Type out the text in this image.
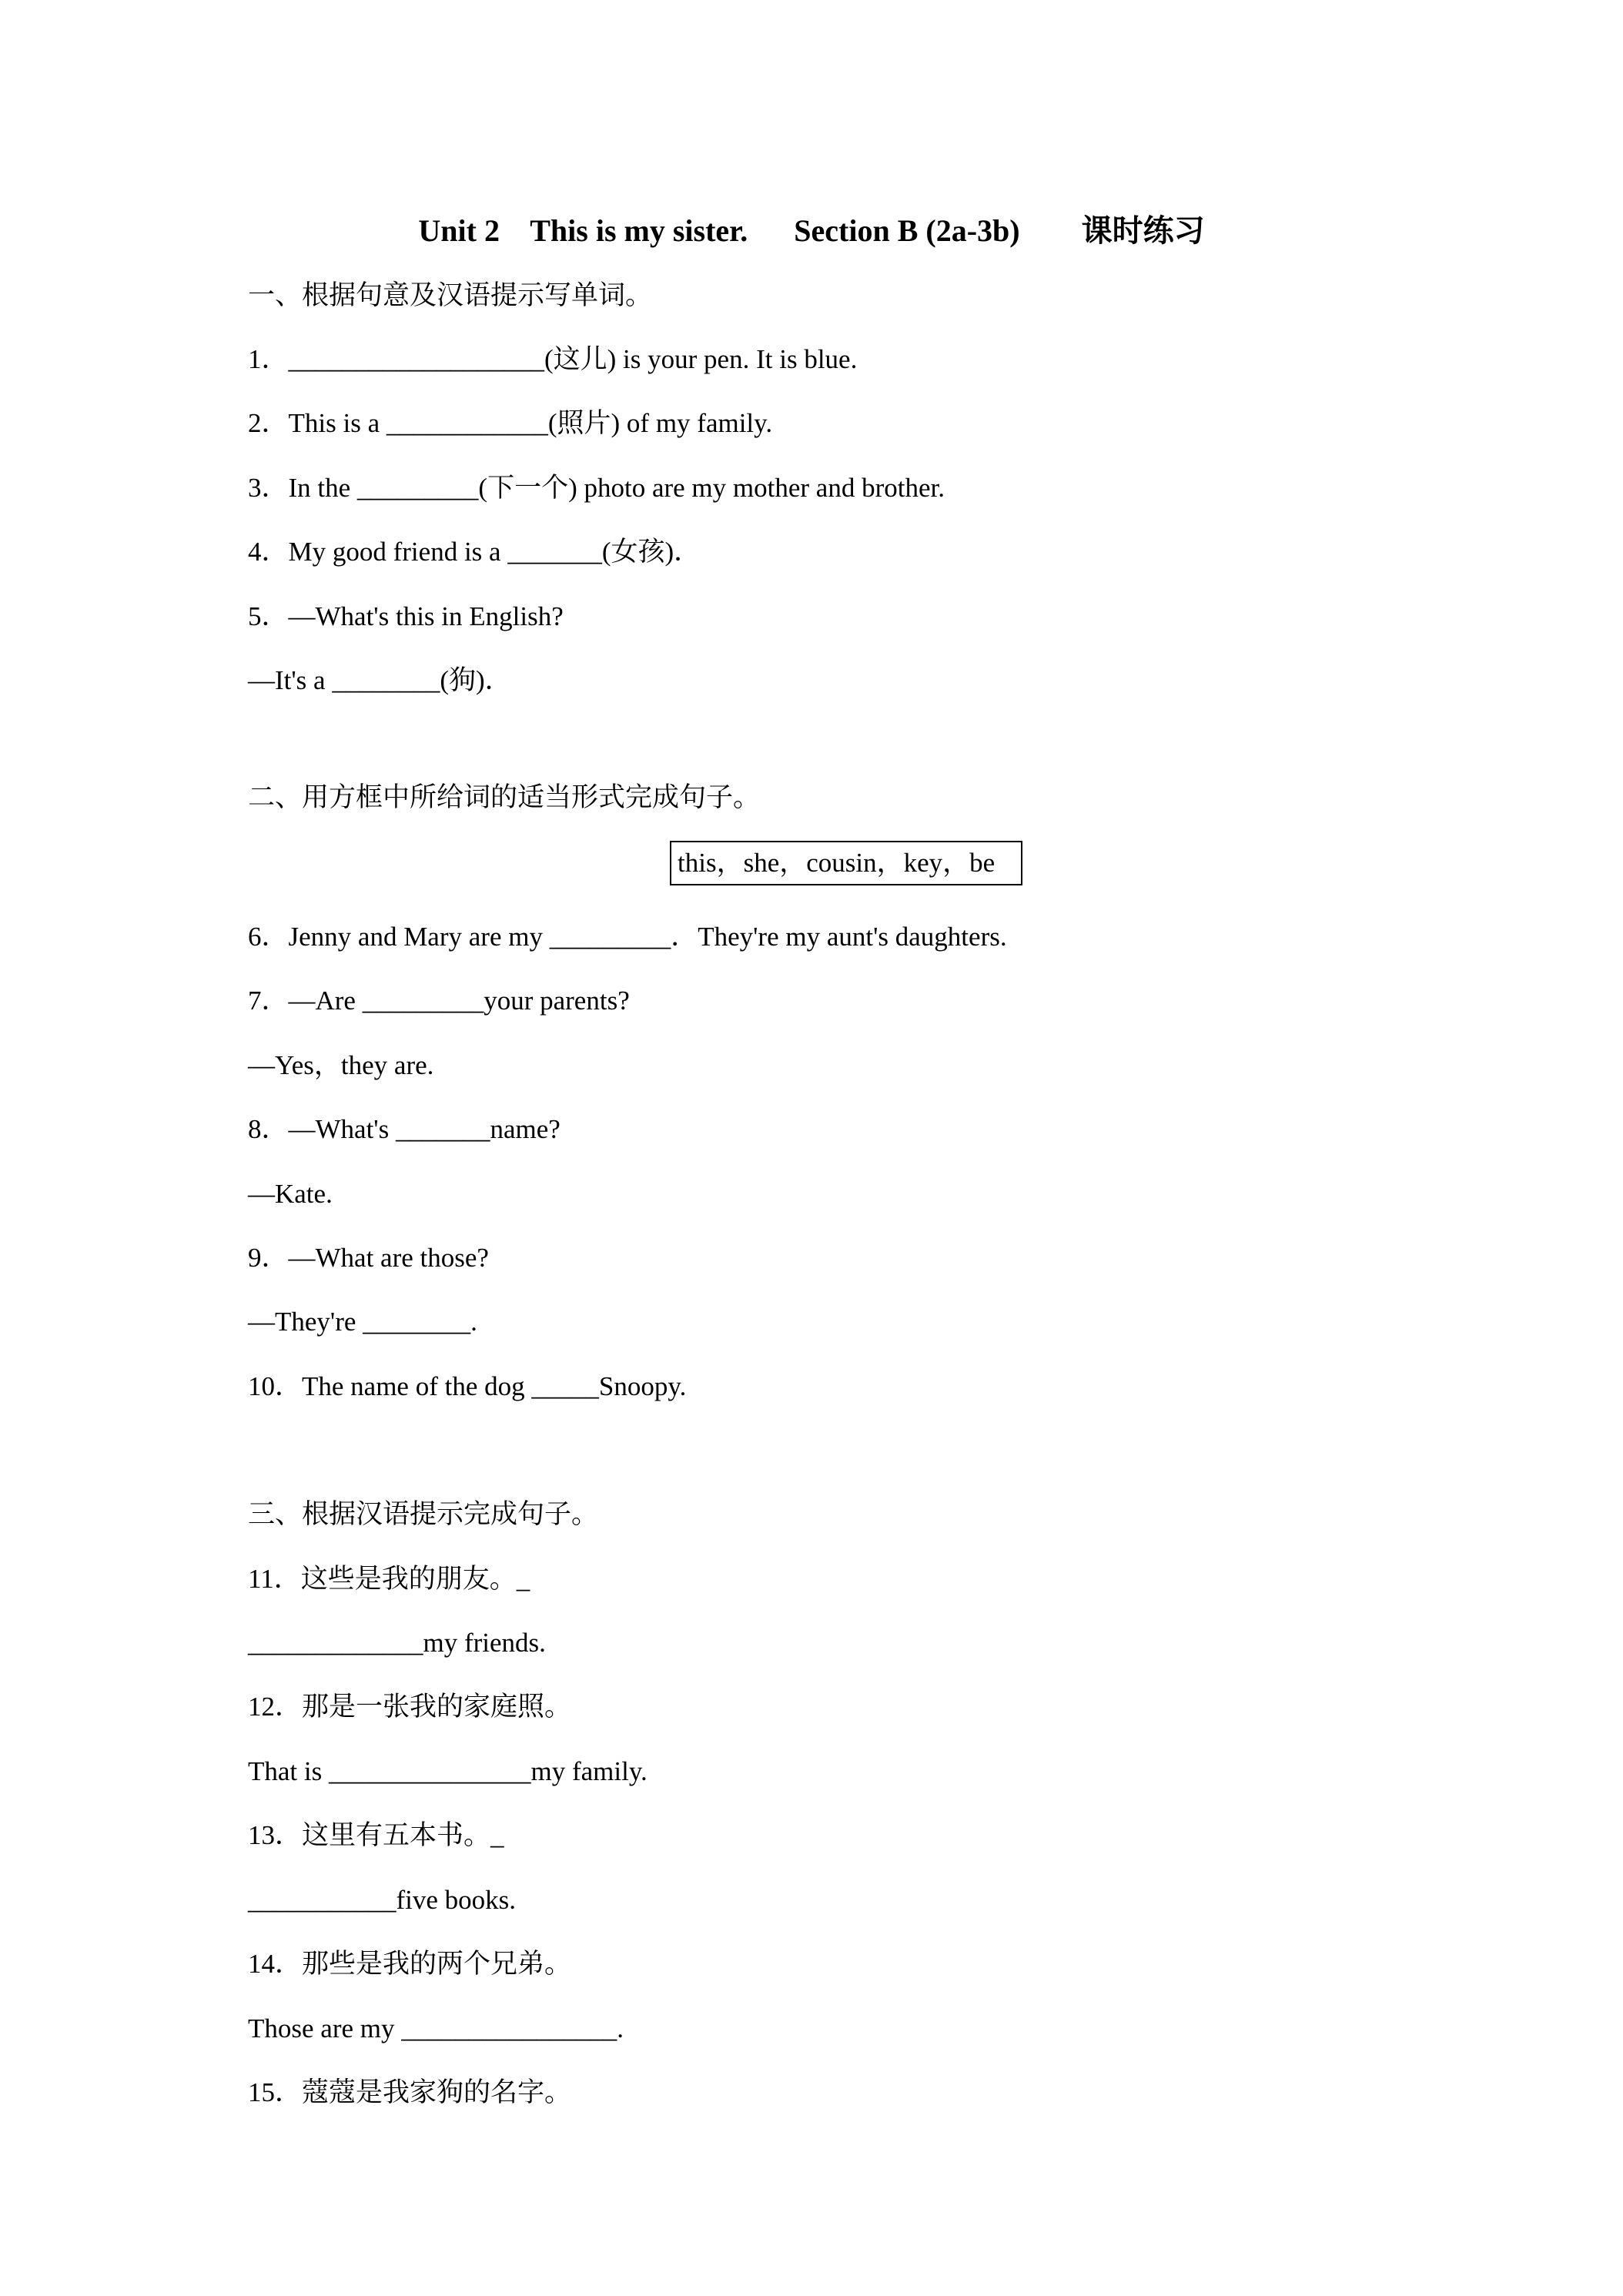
Unit 2    This is my sister.      Section B (2a-3b)        课时练习
一、根据句意及汉语提示写单词。
1．___________________(这儿) is your pen. It is blue.
2．This is a ____________(照片) of my family.
3．In the _________(下一个) photo are my mother and brother.
4．My good friend is a _______(女孩)．
5．—What's this in English?
—It's a ________(狗)．
二、用方框中所给词的适当形式完成句子。
this，she，cousin，key，be
6．Jenny and Mary are my _________．They're my aunt's daughters.
7．—Are _________your parents?
—Yes，they are.
8．—What's _______name?
—Kate.
9．—What are those?
—They're ________.
10．The name of the dog _____Snoopy.
三、根据汉语提示完成句子。
11．这些是我的朋友。_
_____________my friends.
12．那是一张我的家庭照。
That is _______________my family.
13．这里有五本书。_
___________five books.
14．那些是我的两个兄弟。
Those are my ________________.
15．蔻蔻是我家狗的名字。
